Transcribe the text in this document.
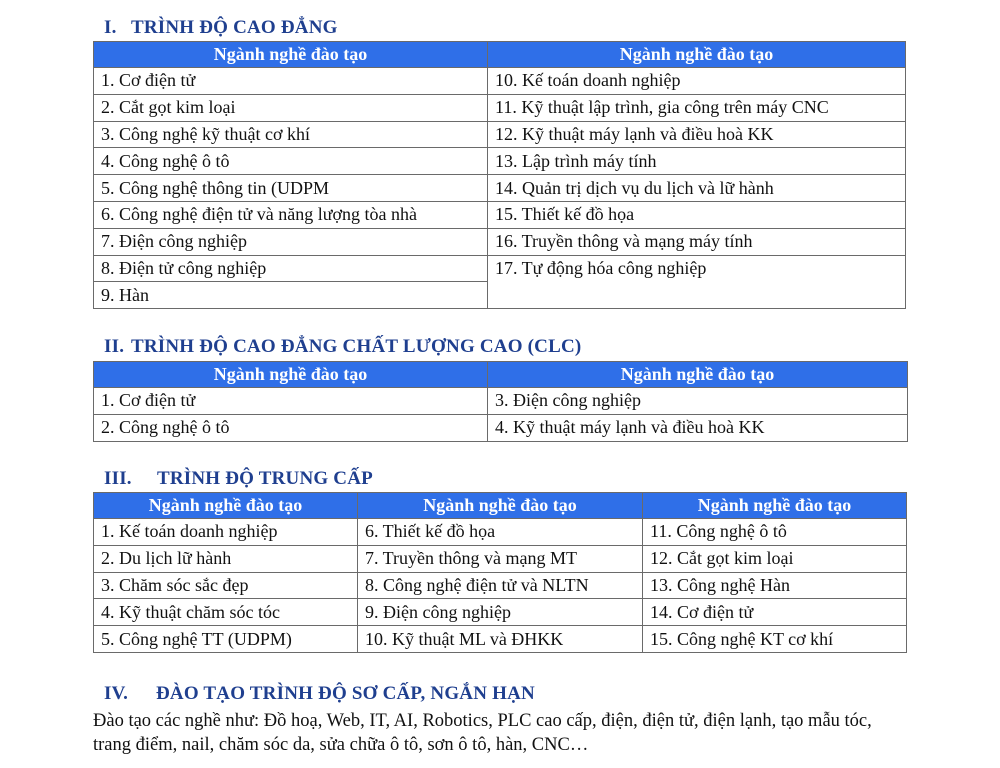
I. TRÌNH ĐỘ CAO ĐẲNG
Ngành nghề đào tạo	Ngành nghề đào tạo
1. Cơ điện tử	10. Kế toán doanh nghiệp
2. Cắt gọt kim loại	11. Kỹ thuật lập trình, gia công trên máy CNC
3. Công nghệ kỹ thuật cơ khí	12. Kỹ thuật máy lạnh và điều hoà KK
4. Công nghệ ô tô	13. Lập trình máy tính
5. Công nghệ thông tin (UDPM	14. Quản trị dịch vụ du lịch và lữ hành
6. Công nghệ điện tử và năng lượng tòa nhà	15. Thiết kế đồ họa
7. Điện công nghiệp	16. Truyền thông và mạng máy tính
8. Điện tử công nghiệp	17. Tự động hóa công nghiệp
9. Hàn	
II. TRÌNH ĐỘ CAO ĐẲNG CHẤT LƯỢNG CAO (CLC)
Ngành nghề đào tạo	Ngành nghề đào tạo
1. Cơ điện tử	3. Điện công nghiệp
2. Công nghệ ô tô	4. Kỹ thuật máy lạnh và điều hoà KK
III. TRÌNH ĐỘ TRUNG CẤP
Ngành nghề đào tạo	Ngành nghề đào tạo	Ngành nghề đào tạo
1. Kế toán doanh nghiệp	6. Thiết kế đồ họa	11. Công nghệ ô tô
2. Du lịch lữ hành	7. Truyền thông và mạng MT	12. Cắt gọt kim loại
3. Chăm sóc sắc đẹp	8. Công nghệ điện tử và NLTN	13. Công nghệ Hàn
4. Kỹ thuật chăm sóc tóc	9. Điện công nghiệp	14. Cơ điện tử
5. Công nghệ TT (UDPM)	10. Kỹ thuật ML và ĐHKK	15. Công nghệ KT cơ khí
IV. ĐÀO TẠO TRÌNH ĐỘ SƠ CẤP, NGẮN HẠN

Đào tạo các nghề như: Đồ hoạ, Web, IT, AI, Robotics, PLC cao cấp, điện, điện tử, điện lạnh, tạo mẫu tóc, trang điểm, nail, chăm sóc da, sửa chữa ô tô, sơn ô tô, hàn, CNC…
